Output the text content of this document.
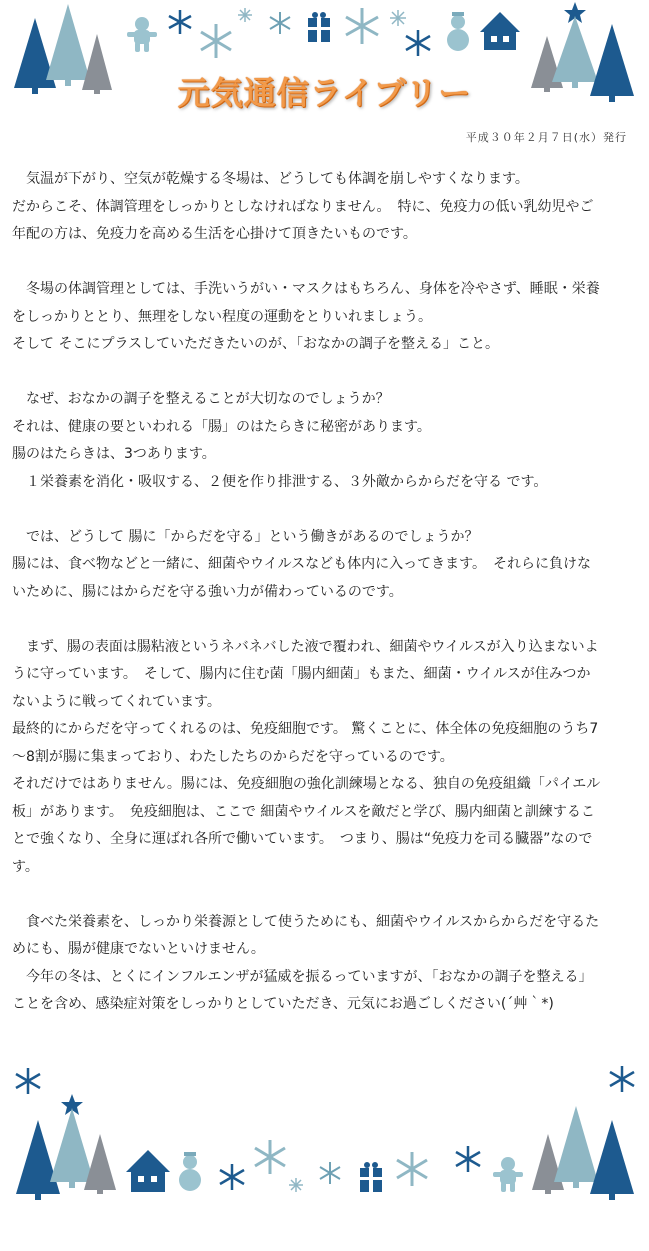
元気通信ライブリー
平成３０年２月７日(水）発行

　気温が下がり、空気が乾燥する冬場は、どうしても体調を崩しやすくなります。

だからこそ、体調管理をしっかりとしなければなりません。　特に、免疫力の低い乳幼児やご

年配の方は、免疫力を高める生活を心掛けて頂きたいものです。

　冬場の体調管理としては、手洗いうがい・マスクはもちろん、身体を冷やさず、睡眠・栄養

をしっかりととり、無理をしない程度の運動をとりいれましょう。

そして そこにプラスしていただきたいのが、「おなかの調子を整える」こと。

　なぜ、おなかの調子を整えることが大切なのでしょうか？

それは、健康の要といわれる「腸」のはたらきに秘密があります。

腸のはたらきは、3つあります。

　１栄養素を消化・吸収する、２便を作り排泄する、３外敵からからだを守る です。

　では、どうして 腸に「からだを守る」という働きがあるのでしょうか？

腸には、食べ物などと一緒に、細菌やウイルスなども体内に入ってきます。　それらに負けな

いために、腸にはからだを守る強い力が備わっているのです。

　まず、腸の表面は腸粘液というネバネバした液で覆われ、細菌やウイルスが入り込まないよ

うに守っています。　そして、腸内に住む菌「腸内細菌」もまた、細菌・ウイルスが住みつか

ないように戦ってくれています。

最終的にからだを守ってくれるのは、免疫細胞です。 驚くことに、体全体の免疫細胞のうち7

～8割が腸に集まっており、わたしたちのからだを守っているのです。

それだけではありません。腸には、免疫細胞の強化訓練場となる、独自の免疫組織「パイエル

板」があります。　免疫細胞は、ここで 細菌やウイルスを敵だと学び、腸内細菌と訓練するこ

とで強くなり、全身に運ばれ各所で働いています。　つまり、腸は“免疫力を司る臓器”なので

す。

　食べた栄養素を、しっかり栄養源として使うためにも、細菌やウイルスからからだを守るた

めにも、腸が健康でないといけません。

　今年の冬は、とくにインフルエンザが猛威を振るっていますが、「おなかの調子を整える」

ことを含め、感染症対策をしっかりとしていただき、元気にお過ごしください(´艸｀*)
